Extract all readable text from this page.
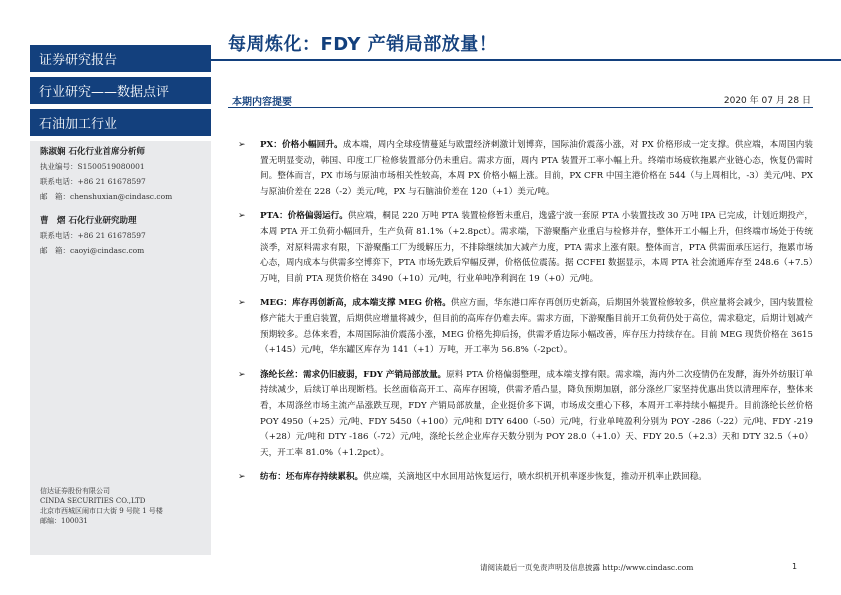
证券研究报告
行业研究——数据点评
石油加工行业
陈淑娴 石化行业首席分析师
执业编号：S1500519080001
联系电话：+86 21 61678597
邮　箱：chenshuxian@cindasc.com
曹　熠 石化行业研究助理
联系电话：+86 21 61678597
邮　箱：caoyi@cindasc.com
信达证券股份有限公司
CINDA SECURITIES CO.,LTD
北京市西城区闹市口大街 9 号院 1 号楼
邮编：100031
每周炼化：FDY 产销局部放量！
本期内容提要	2020 年 07 月 28 日
➢ PX：价格小幅回升。成本端，周内全球疫情蔓延与欧盟经济刺激计划博弈，国际油价震荡小涨，对 PX 价格形成一定支撑。供应端，本周国内装置无明显变动，韩国、印度工厂检修装置部分仍未重启。需求方面，周内 PTA 装置开工率小幅上升。终端市场疲软拖累产业链心态，恢复仍需时间。整体而言，PX 市场与原油市场相关性较高，本周 PX 价格小幅上涨。目前，PX CFR 中国主港价格在 544（与上周相比，-3）美元/吨、PX 与原油价差在 228（-2）美元/吨，PX 与石脑油价差在 120（+1）美元/吨。
➢ PTA：价格偏弱运行。供应端，桐昆 220 万吨 PTA 装置检修暂未重启，逸盛宁波一套原 PTA 小装置技改 30 万吨 IPA 已完成，计划近期投产，本周 PTA 开工负荷小幅回升，生产负荷 81.1%（+2.8pct）。需求端，下游聚酯产业重启与检修并存，整体开工小幅上升，但终端市场处于传统淡季，对原料需求有限，下游聚酯工厂为缓解压力，不排除继续加大减产力度，PTA 需求上涨有限。整体而言，PTA 供需面承压运行，拖累市场心态，周内成本与供需多空博弈下，PTA 市场先跌后窄幅反弹，价格低位震荡。据 CCFEI 数据显示，本周 PTA 社会流通库存至 248.6（+7.5）万吨，目前 PTA 现货价格在 3490（+10）元/吨，行业单吨净利润在 19（+0）元/吨。
➢ MEG：库存再创新高，成本端支撑 MEG 价格。供应方面，华东港口库存再创历史新高，后期国外装置检修较多，供应量将会减少，国内装置检修产能大于重启装置，后期供应增量将减少，但目前的高库存仍难去库。需求方面，下游聚酯目前开工负荷仍处于高位，需求稳定，后期计划减产预期较多。总体来看，本周国际油价震荡小涨，MEG 价格先抑后扬，供需矛盾边际小幅改善，库存压力持续存在。目前 MEG 现货价格在 3615（+145）元/吨，华东罐区库存为 141（+1）万吨，开工率为 56.8%（-2pct）。
➢ 涤纶长丝：需求仍旧疲弱，FDY 产销局部放量。原料 PTA 价格偏弱整理，成本端支撑有限。需求端，海内外二次疫情仍在发酵，海外外纺服订单持续减少，后续订单出现断档。长丝面临高开工、高库存困境，供需矛盾凸显，降负预期加剧，部分涤丝厂家坚持优惠出货以清理库存，整体来看，本周涤丝市场主流产品涨跌互现，FDY 产销局部放量，企业挺价多下调，市场成交重心下移，本周开工率持续小幅提升。目前涤纶长丝价格 POY 4950（+25）元/吨、FDY 5450（+100）元/吨和 DTY 6400（-50）元/吨，行业单吨盈利分别为 POY -286（-22）元/吨、FDY -219（+28）元/吨和 DTY -186（-72）元/吨，涤纶长丝企业库存天数分别为 POY 28.0（+1.0）天、FDY 20.5（+2.3）天和 DTY 32.5（+0）天，开工率 81.0%（+1.2pct）。
➢ 纺布：坯布库存持续累积。供应端，关滴地区中水回用站恢复运行，喷水织机开机率逐步恢复，推动开机率止跌回稳。
请阅读最后一页免责声明及信息披露 http://www.cindasc.com	1
